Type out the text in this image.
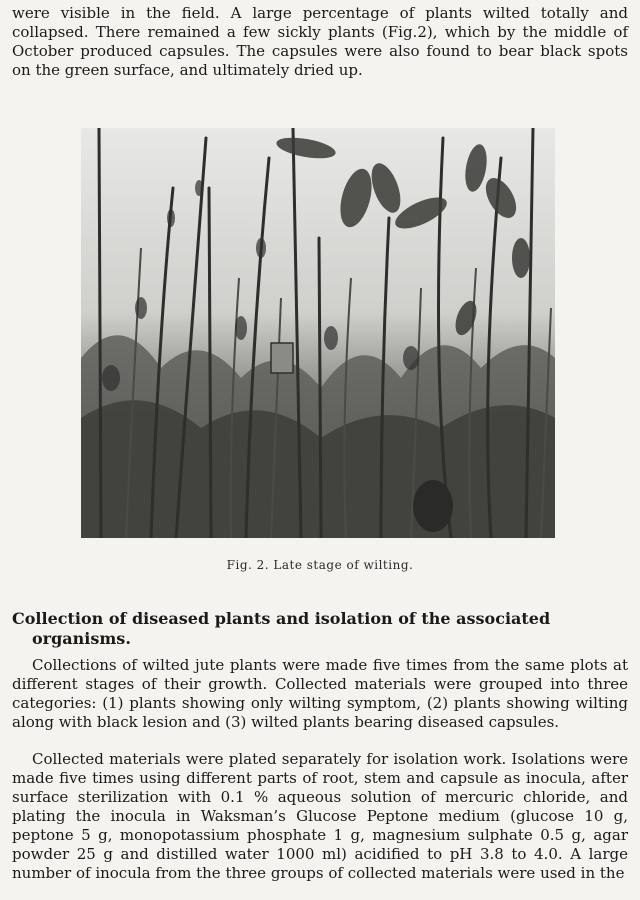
were visible in the field. A large percentage of plants wilted totally and collapsed. There remained a few sickly plants (Fig.2), which by the middle of October produced capsules. The capsules were also found to bear black spots on the green surface, and ultimately dried up.

Fig. 2. Late stage of wilting.
Collection of diseased plants and isolation of the associated organisms.

Collections of wilted jute plants were made five times from the same plots at different stages of their growth. Collected materials were grouped into three categories: (1) plants showing only wilting symptom, (2) plants showing wilting along with black lesion and (3) wilted plants bearing diseased capsules.

Collected materials were plated separately for isolation work. Isolations were made five times using different parts of root, stem and capsule as inocula, after surface sterilization with 0.1 % aqueous solution of mercuric chloride, and plating the inocula in Waksman’s Glucose Peptone medium (glucose 10 g, peptone 5 g, monopotassium phosphate 1 g, magnesium sulphate 0.5 g, agar powder 25 g and distilled water 1000 ml) acidified to pH 3.8 to 4.0. A large number of inocula from the three groups of collected materials were used in the
